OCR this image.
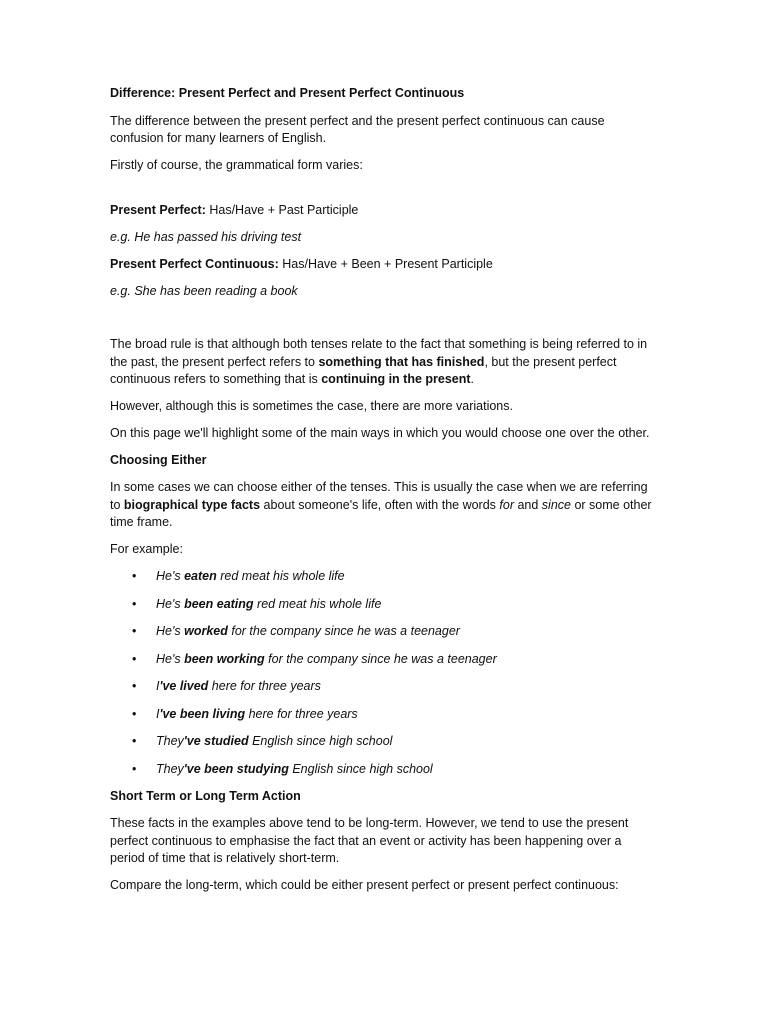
Difference: Present Perfect and Present Perfect Continuous

The difference between the present perfect and the present perfect continuous can cause confusion for many learners of English.

Firstly of course, the grammatical form varies:

Present Perfect: Has/Have + Past Participle

e.g. He has passed his driving test

Present Perfect Continuous: Has/Have + Been + Present Participle

e.g. She has been reading a book

The broad rule is that although both tenses relate to the fact that something is being referred to in the past, the present perfect refers to something that has finished, but the present perfect continuous refers to something that is continuing in the present.

However, although this is sometimes the case, there are more variations.

On this page we'll highlight some of the main ways in which you would choose one over the other.

Choosing Either

In some cases we can choose either of the tenses. This is usually the case when we are referring to biographical type facts about someone's life, often with the words for and since or some other time frame.

For example:

• He's eaten red meat his whole life
• He's been eating red meat his whole life
• He's worked for the company since he was a teenager
• He's been working for the company since he was a teenager
• I've lived here for three years
• I've been living here for three years
• They've studied English since high school
• They've been studying English since high school

Short Term or Long Term Action

These facts in the examples above tend to be long-term. However, we tend to use the present perfect continuous to emphasise the fact that an event or activity has been happening over a period of time that is relatively short-term.

Compare the long-term, which could be either present perfect or present perfect continuous:
